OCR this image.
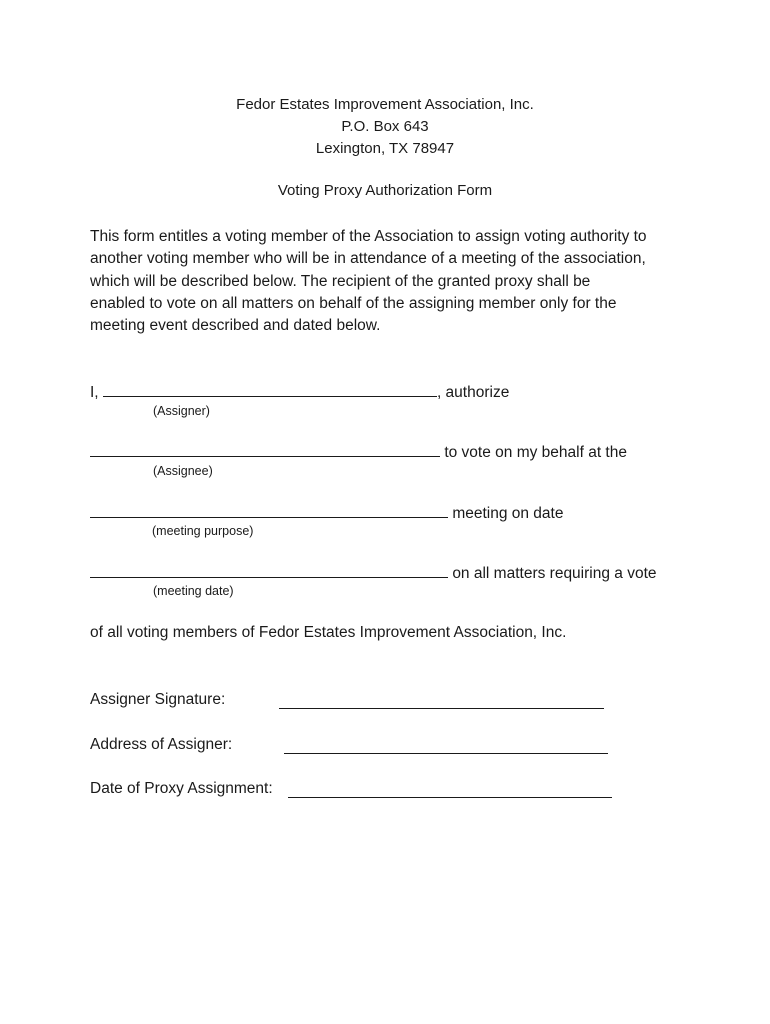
Fedor Estates Improvement Association, Inc.
P.O. Box 643
Lexington, TX 78947
Voting Proxy Authorization Form
This form entitles a voting member of the Association to assign voting authority to
another voting member who will be in attendance of a meeting of the association,
which will be described below. The recipient of the granted proxy shall be
enabled to vote on all matters on behalf of the assigning member only for the
meeting event described and dated below.
I,	, authorize
(Assigner)
to vote on my behalf at the
(Assignee)
meeting on date
(meeting purpose)
on all matters requiring a vote
(meeting date)
of all voting members of Fedor Estates Improvement Association, Inc.
Assigner Signature:
Address of Assigner:
Date of Proxy Assignment:
